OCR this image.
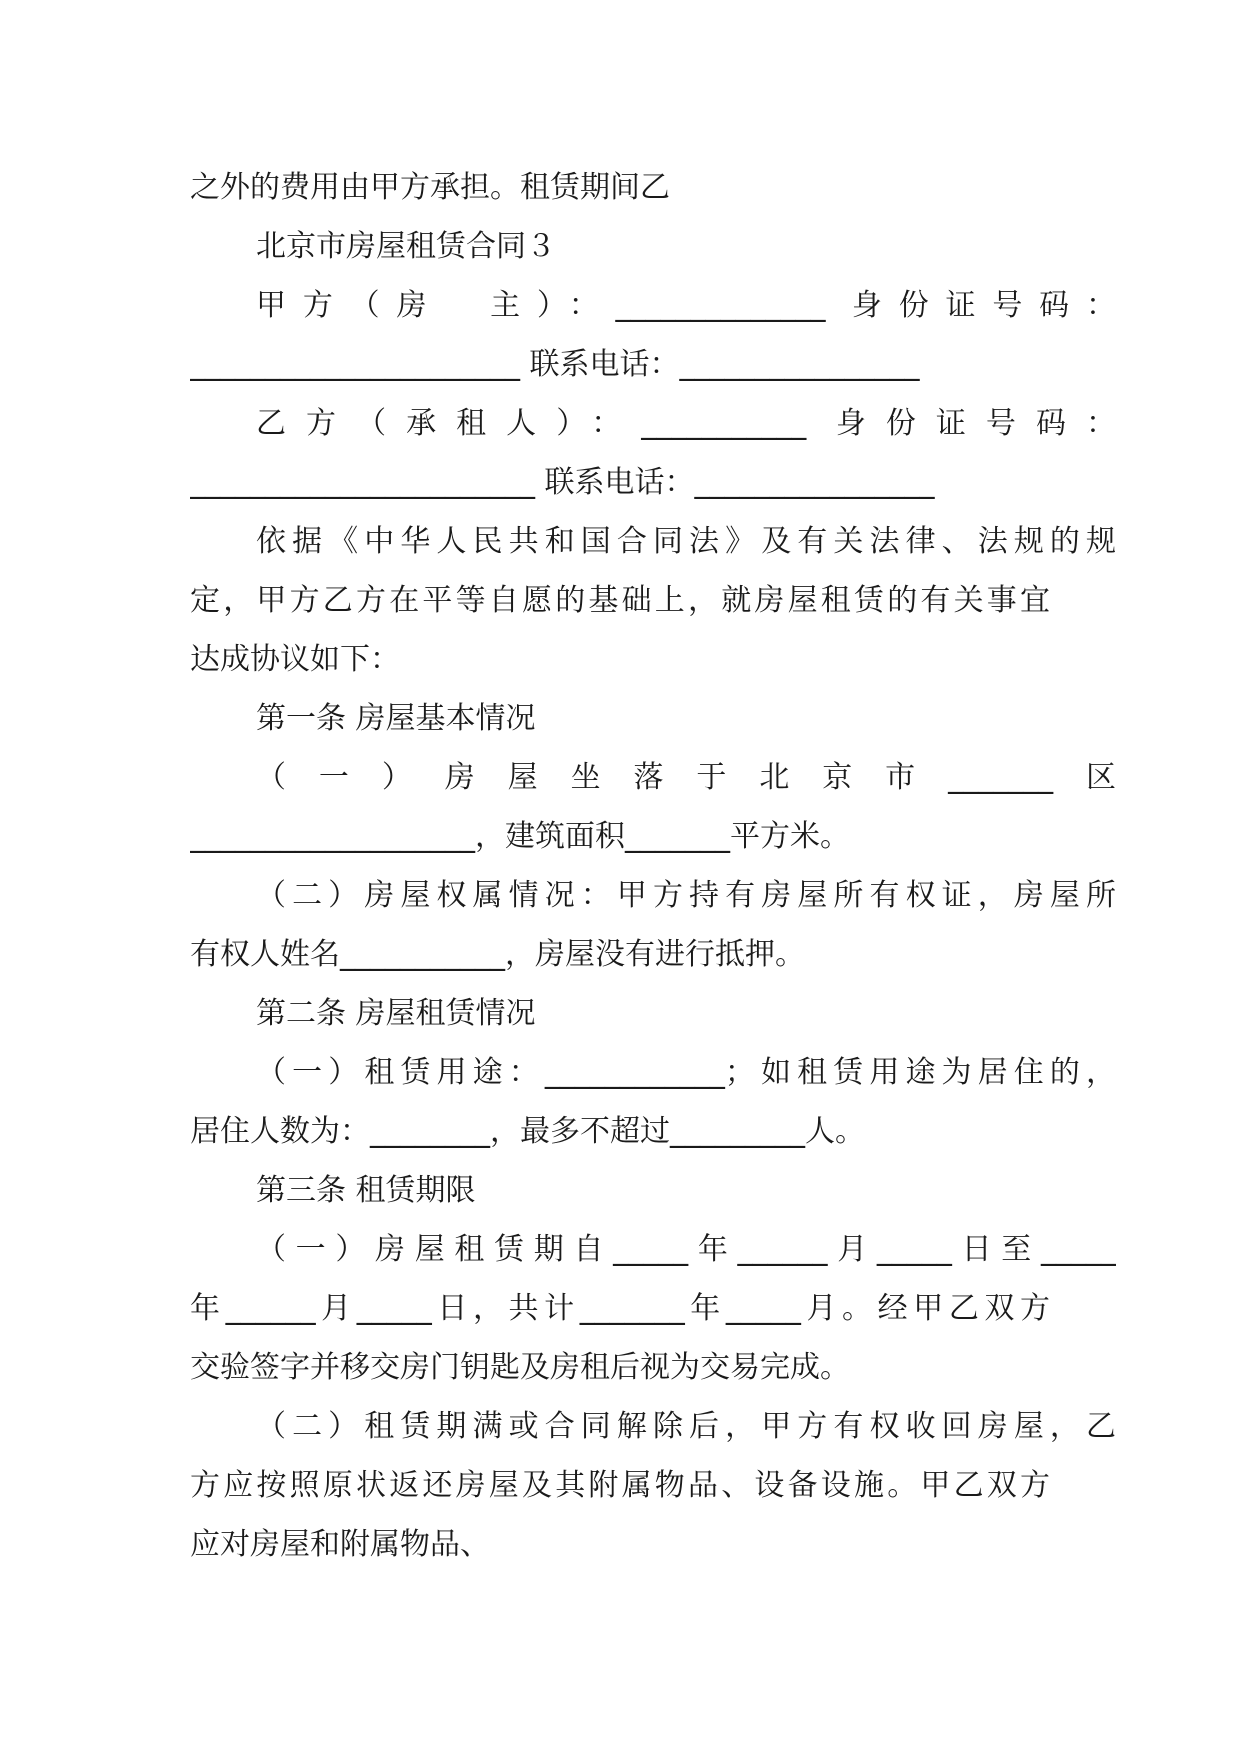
之外的费用由甲方承担。租赁期间乙
北京市房屋租赁合同３
甲方（房　主）：______________ 身份证号码：
______________________ 联系电话：________________
乙方（承租人）：___________ 身份证号码：
_______________________ 联系电话：________________
依据《中华人民共和国合同法》及有关法律、法规的规
定，甲方乙方在平等自愿的基础上，就房屋租赁的有关事宜
达成协议如下：
第一条 房屋基本情况
（一）房屋坐落于北京市_______区
___________________，建筑面积_______平方米。
（二）房屋权属情况：甲方持有房屋所有权证，房屋所
有权人姓名___________，房屋没有进行抵押。
第二条 房屋租赁情况
（一）租赁用途：____________；如租赁用途为居住的，
居住人数为：________，最多不超过_________人。
第三条 租赁期限
（一）房屋租赁期自_____年______月_____日至_____
年______月_____日，共计_______年_____月。经甲乙双方
交验签字并移交房门钥匙及房租后视为交易完成。
（二）租赁期满或合同解除后，甲方有权收回房屋，乙
方应按照原状返还房屋及其附属物品、设备设施。甲乙双方
应对房屋和附属物品、
